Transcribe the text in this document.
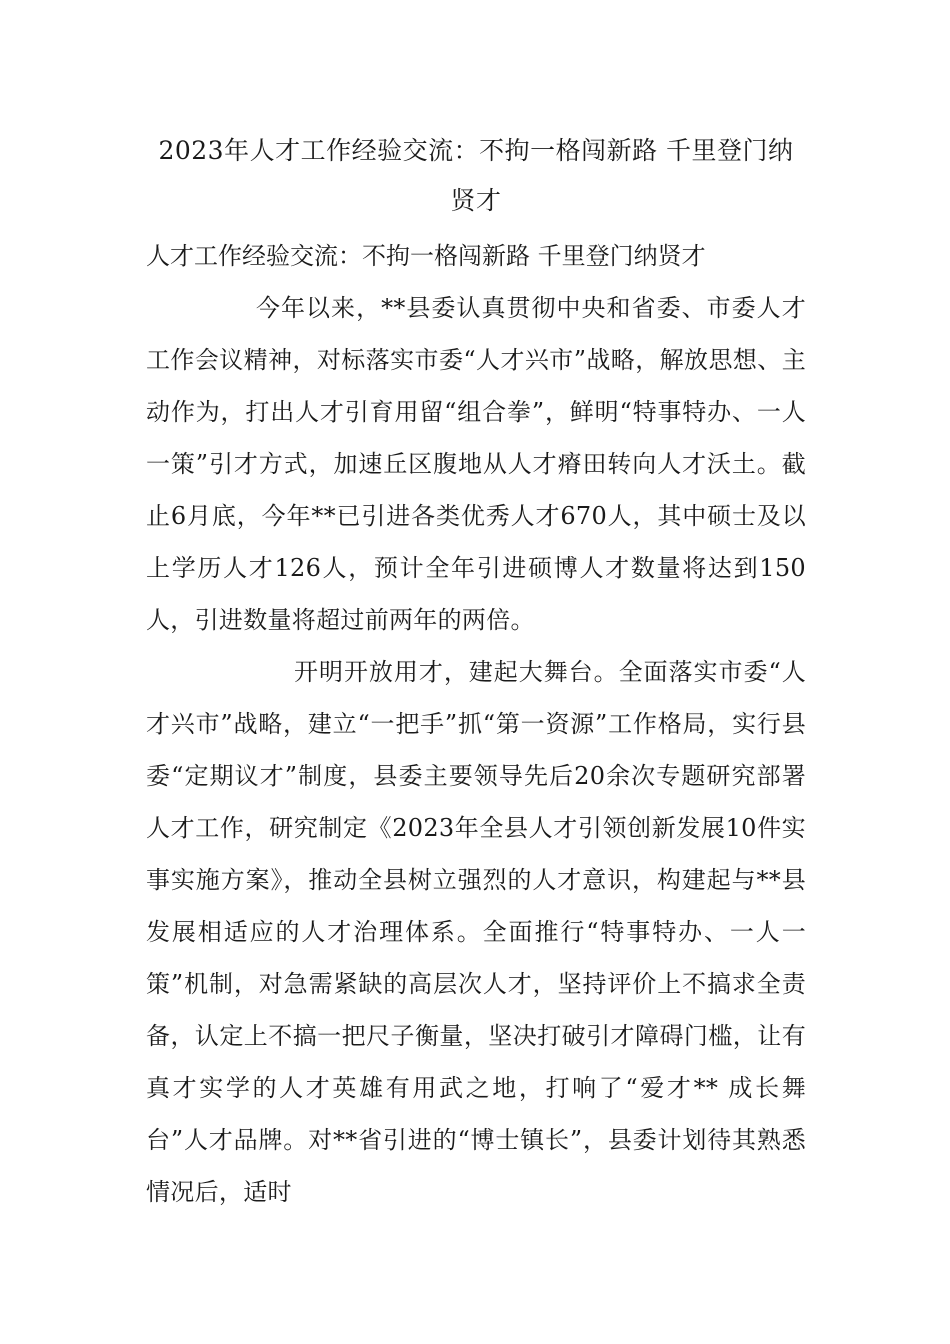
2023年人才工作经验交流：不拘一格闯新路 千里登门纳贤才

人才工作经验交流：不拘一格闯新路 千里登门纳贤才

今年以来，**县委认真贯彻中央和省委、市委人才工作会议精神，对标落实市委“人才兴市”战略，解放思想、主动作为，打出人才引育用留“组合拳”，鲜明“特事特办、一人一策”引才方式，加速丘区腹地从人才瘠田转向人才沃土。截止6月底，今年**已引进各类优秀人才670人，其中硕士及以上学历人才126人，预计全年引进硕博人才数量将达到150人，引进数量将超过前两年的两倍。

开明开放用才，建起大舞台。全面落实市委“人才兴市”战略，建立“一把手”抓“第一资源”工作格局，实行县委“定期议才”制度，县委主要领导先后20余次专题研究部署人才工作，研究制定《2023年全县人才引领创新发展10件实事实施方案》，推动全县树立强烈的人才意识，构建起与**县发展相适应的人才治理体系。全面推行“特事特办、一人一策”机制，对急需紧缺的高层次人才，坚持评价上不搞求全责备，认定上不搞一把尺子衡量，坚决打破引才障碍门槛，让有真才实学的人才英雄有用武之地，打响了“爱才** 成长舞台”人才品牌。对**省引进的“博士镇长”，县委计划待其熟悉情况后，适时
